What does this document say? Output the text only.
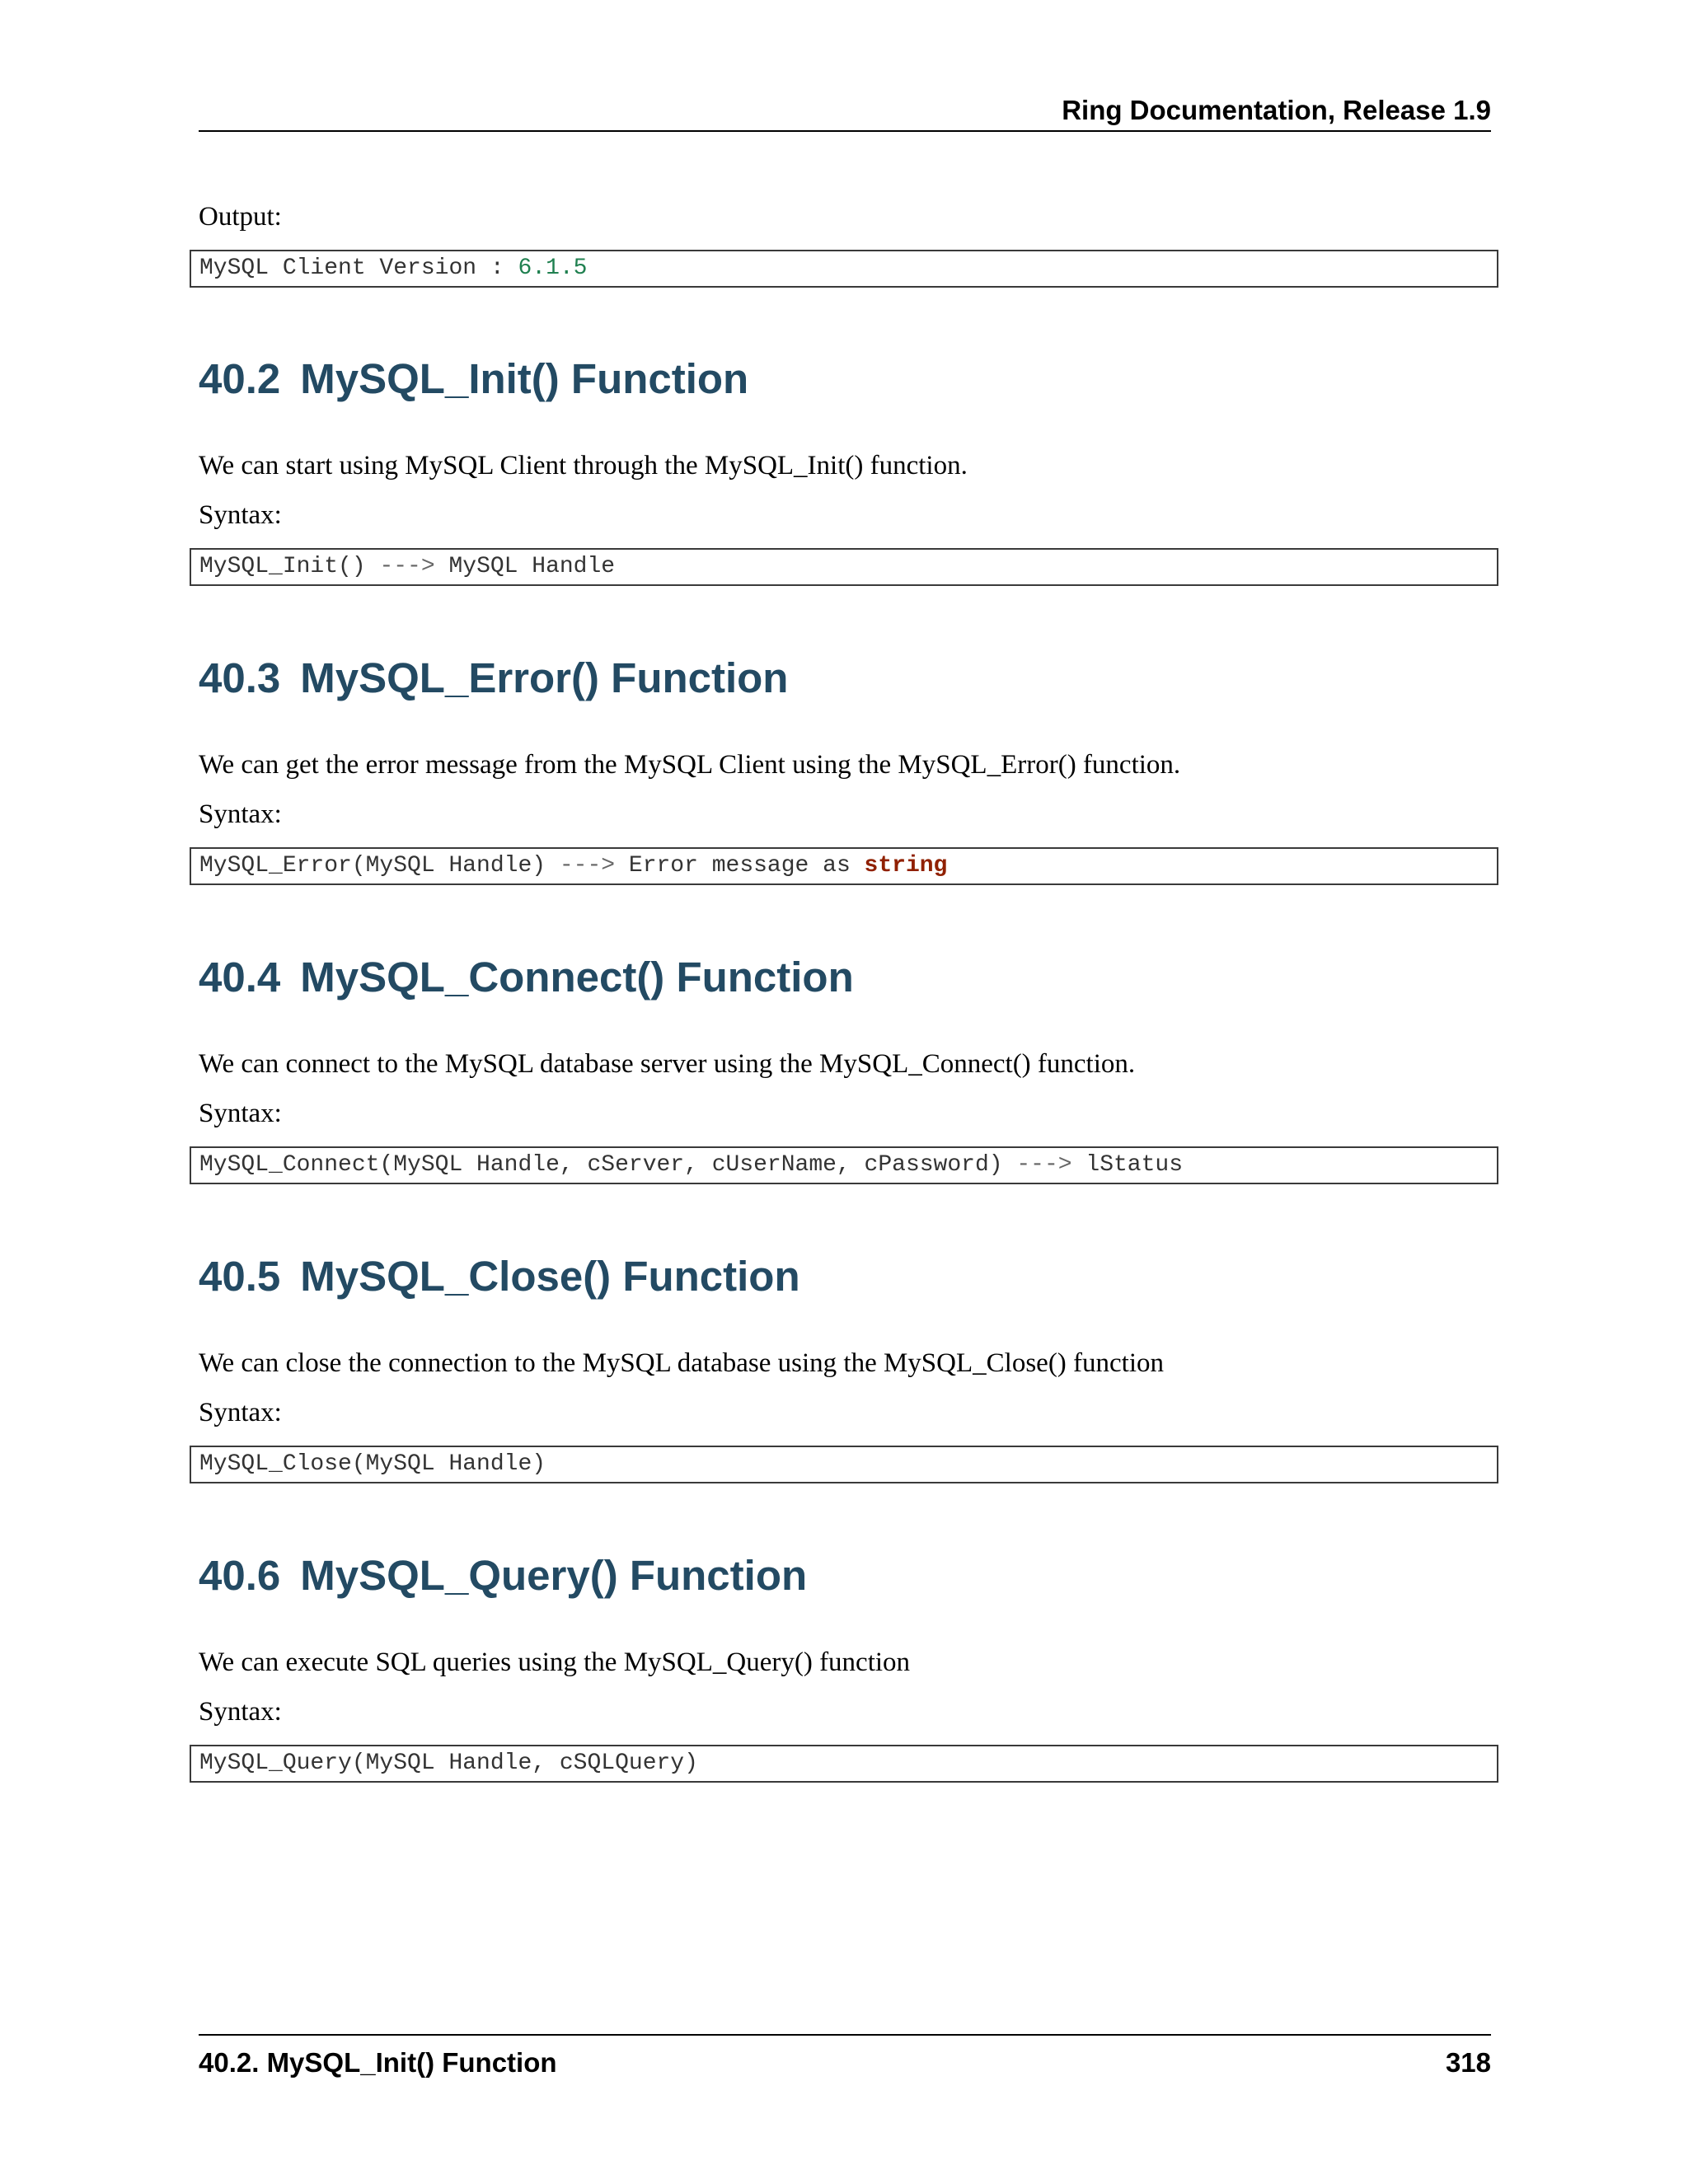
Ring Documentation, Release 1.9
Output:
MySQL Client Version : 6.1.5
40.2 MySQL_Init() Function
We can start using MySQL Client through the MySQL_Init() function.
Syntax:
MySQL_Init() ---> MySQL Handle
40.3 MySQL_Error() Function
We can get the error message from the MySQL Client using the MySQL_Error() function.
Syntax:
MySQL_Error(MySQL Handle) ---> Error message as string
40.4 MySQL_Connect() Function
We can connect to the MySQL database server using the MySQL_Connect() function.
Syntax:
MySQL_Connect(MySQL Handle, cServer, cUserName, cPassword) ---> lStatus
40.5 MySQL_Close() Function
We can close the connection to the MySQL database using the MySQL_Close() function
Syntax:
MySQL_Close(MySQL Handle)
40.6 MySQL_Query() Function
We can execute SQL queries using the MySQL_Query() function
Syntax:
MySQL_Query(MySQL Handle, cSQLQuery)
40.2. MySQL_Init() Function	318
